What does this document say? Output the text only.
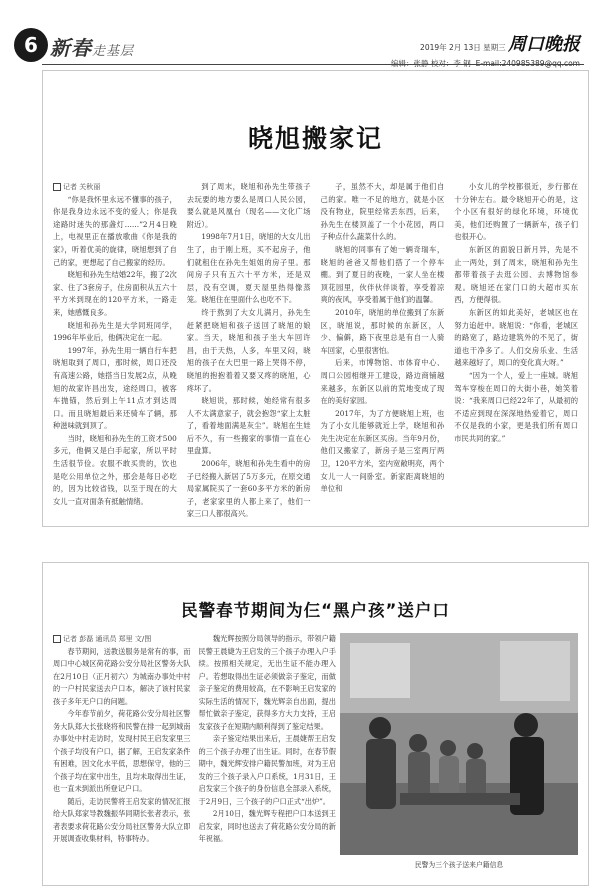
6 新春走基层	2019年 2月 13日 星期三 周口晚报
编辑：张静 校对：李 钢 E-mail:240985389@qq.com
晓旭搬家记

记者 关秋丽

“你是我怀里永远不懂事的孩子，你是我身边永远不变的爱人；你是我途路时迷失的那盏灯……”2月4日晚上，电视里正在播放歌曲《你是我的家》，听着优美的旋律，晓旭想到了自己的家，更想起了自己搬家的经历。

晓旭和孙先生结婚22年，搬了2次家、住了3套房子，住房面积从五六十平方米到现在的120平方米，一路走来，她感慨良多。

晓旭和孙先生是大学同班同学，1996年毕业后，他俩决定在一起。

1997年，孙先生用一辆自行车把晓旭取到了周口，那时候，周口还没有高速公路，她搭当日发展2点，从晚旭的故家许昌出发，途经周口，被客车抛锚，然后到上午11点才到达周口。而且晓旭最后来还骑车了辆，那种滋味就到顶了。

当时，晓旭和孙先生的工资才500多元，他俩又是白手起家，所以平时生活很节俭。农服不敢买贵的，饮也是吃公用单位之外，那会是每日必吃的，因为比较省钱，以至于现在的大女儿一直对面条有抵触情绪。

到了周末，晓旭和孙先生带孩子去玩要的地方要么是周口人民公园，要么就是风凰台（现名——文化广场附近）。

1998年7月1日，晓旭的大女儿出生了，由于刚上班，买不起房子，他们就租住在孙先生姐姐的房子里。那间房子只有五六十平方米，还是双层，没有空调，夏天屋里热得像蒸笼。晓旭住在里面什么也吃不下。

终于熬到了大女儿满月，孙先生赶紧把晓旭和孩子送回了晓旭的娘家。当天，晓旭和孩子坐大车回许昌，由于天热，人多，车里又闷，晓旭的孩子在大巴里一路上哭得不停，晓旭的抱抱着着又要又疼的晓旭，心疼坏了。

晓旭说，那时候，她经常有很多人不太满意家子，就会抱怨“家上太脏了，看着地面满是灰尘”。晓旭在生娃后不久，有一些搬家的事情一直在心里盘算。

2006年，晓旭和孙先生看中的房子已经搬入新居了5万多元，在原交通局家属院买了一套60多平方米的新房子，老家家里的人都上来了，他们一家三口人都很高兴。

子，虽然不大，却是属于他们自己的家。唯一不足的地方，就是小区没有物业，院里经常丢东西，后来，孙先生在楼顶盖了一个小花园，两口子种点什么蔬菜什么的。

晓旭的同事有了她一辆奇瑞车，晓旭的爸爸又帮他们搭了一个停车棚。到了夏日的夜晚，一家人坐在楼顶花园里，伙伴伙伴谈着，享受着凉爽的夜风，享受着属于他们的温馨。

2010年，晓旭的单位搬到了东新区，晓旭说，那时候的东新区，人少、偏僻，路下夜里总是有自一人骑车回家，心里很害怕。

后来，市博物馆、市体育中心、周口公园相继开工建设，路边商铺越来越多，东新区以前的荒地变成了现在的美好家园。

2017年，为了方便晓旭上班，也为了小女儿能够就近上学，晓旭和孙先生决定在东新区买房。当年9月份，他们又搬家了，新房子是三室两厅两卫，120平方米，室内宽敞明亮，两个女儿一人一间卧室。新家距离晓旭的单位和

小女儿的学校都很近，步行都在十分钟左右。最令晓旭开心的是，这个小区有很好的绿化环境，环境优美，他们还购置了一辆新车，孩子们也很开心。

东新区的面貌日新月异，先是不止一两处，到了周末，晓旭和孙先生都带着孩子去逛公园、去博物馆参观。晓旭还在家门口的大超市买东西，方便得很。

东新区的如此美好，老城区也在努力追赶中。晓旭说：“你看，老城区的路宽了，路边建筑外的不见了，街道也干净多了。人们交房乐业、生活越来越好了，周口的变化真大呀。”

“因为一个人，爱上一座城。晓旭驾车穿梭在周口的大街小巷，她笑着说：“我来周口已经22年了，从最初的不适应到现在深深地热爱着它，周口不仅是我的小家，更是我们所有周口市民共同的家。”

民警春节期间为仨“黑户孩”送户口

记者 彭磊 通讯员 郑里 文/图

春节期间，送教送服务是常有的事，而周口中心城区荷花路公安分局社区警务大队在2月10日（正月初六）为城南办事处中村的一户村民家送去户口本，解决了该村民家孩子多年无户口的问题。

今年春节前夕，荷花路公安分局社区警务大队郑大长张晓将和民警在排一起到城南办事处中村走访时，发现村民王启发家里三个孩子均没有户口，据了解，王启发家条件有困难，因文化水平低，思想保守，他的三个孩子均在家中出生，且均未取得出生证，也一直未到派出所登记户口。

随后，走访民警将王启发家的情况汇报给大队郑家导教魏振华同期长张者表示，张者表要求荷花路公安分局社区警务大队立即开展调查收集材料，特事特办。

魏光辉按照分局领导的指示，带领户籍民警王晨婕为王启发的三个孩子办理入户手续。按照相关规定，无出生证不能办理入户。若想取得出生证必须做亲子鉴定，而做亲子鉴定的费用较高，在不影响王启发家的实际生活的情况下，魏光辉亲自出面，提出帮忙做亲子鉴定，获得多方大力支持，王启发家孩子在短期内顺利得到了鉴定结果。

亲子鉴定结果出来后，王晨婕帮王启发的三个孩子办理了出生证。同时，在春节假期中，魏光辉安排户籍民警加班，对为王启发的三个孩子录入户口系统，1月31日，王启发家三个孩子的身份信息全部录入系统，于2月9日，三个孩子的户口正式“出炉”。

2月10日，魏光辉专程把户口本送到王启发家，同时也送去了荷花路公安分局的新年祝福。

民警为三个孩子送来户籍信息
